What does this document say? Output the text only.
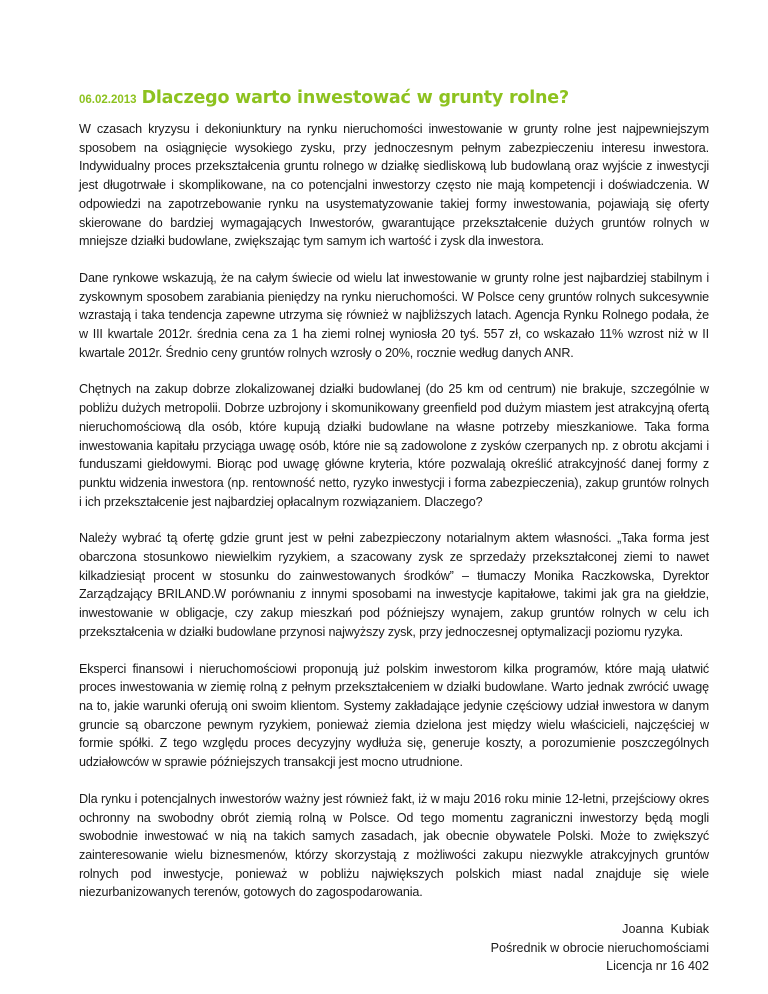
06.02.2013 Dlaczego warto inwestować w grunty rolne?

W czasach kryzysu i dekoniunktury na rynku nieruchomości inwestowanie w grunty rolne jest najpewniejszym sposobem na osiągnięcie wysokiego zysku, przy jednoczesnym pełnym zabezpieczeniu interesu inwestora. Indywidualny proces przekształcenia gruntu rolnego w działkę siedliskową lub budowlaną oraz wyjście z inwestycji jest długotrwałe i skomplikowane, na co potencjalni inwestorzy często nie mają kompetencji i doświadczenia. W odpowiedzi na zapotrzebowanie rynku na usystematyzowanie takiej formy inwestowania, pojawiają się oferty skierowane do bardziej wymagających Inwestorów, gwarantujące przekształcenie dużych gruntów rolnych w mniejsze działki budowlane, zwiększając tym samym ich wartość i zysk dla inwestora.

Dane rynkowe wskazują, że na całym świecie od wielu lat inwestowanie w grunty rolne jest najbardziej stabilnym i zyskownym sposobem zarabiania pieniędzy na rynku nieruchomości. W Polsce ceny gruntów rolnych sukcesywnie wzrastają i taka tendencja zapewne utrzyma się również w najbliższych latach. Agencja Rynku Rolnego podała, że w III kwartale 2012r. średnia cena za 1 ha ziemi rolnej wyniosła 20 tyś. 557 zł, co wskazało 11% wzrost niż w II kwartale 2012r. Średnio ceny gruntów rolnych wzrosły o 20%, rocznie według danych ANR.

Chętnych na zakup dobrze zlokalizowanej działki budowlanej (do 25 km od centrum) nie brakuje, szczególnie w pobliżu dużych metropolii. Dobrze uzbrojony i skomunikowany greenfield pod dużym miastem jest atrakcyjną ofertą nieruchomościową dla osób, które kupują działki budowlane na własne potrzeby mieszkaniowe. Taka forma inwestowania kapitału przyciąga uwagę osób, które nie są zadowolone z zysków czerpanych np. z obrotu akcjami i funduszami giełdowymi. Biorąc pod uwagę główne kryteria, które pozwalają określić atrakcyjność danej formy z punktu widzenia inwestora (np. rentowność netto, ryzyko inwestycji i forma zabezpieczenia), zakup gruntów rolnych i ich przekształcenie jest najbardziej opłacalnym rozwiązaniem. Dlaczego?

Należy wybrać tą ofertę gdzie grunt jest w pełni zabezpieczony notarialnym aktem własności. „Taka forma jest obarczona stosunkowo niewielkim ryzykiem, a szacowany zysk ze sprzedaży przekształconej ziemi to nawet kilkadziesiąt procent w stosunku do zainwestowanych środków” – tłumaczy Monika Raczkowska, Dyrektor Zarządzający BRILAND.W porównaniu z innymi sposobami na inwestycje kapitałowe, takimi jak gra na giełdzie, inwestowanie w obligacje, czy zakup mieszkań pod późniejszy wynajem, zakup gruntów rolnych w celu ich przekształcenia w działki budowlane przynosi najwyższy zysk, przy jednoczesnej optymalizacji poziomu ryzyka.

Eksperci finansowi i nieruchomościowi proponują już polskim inwestorom kilka programów, które mają ułatwić proces inwestowania w ziemię rolną z pełnym przekształceniem w działki budowlane. Warto jednak zwrócić uwagę na to, jakie warunki oferują oni swoim klientom. Systemy zakładające jedynie częściowy udział inwestora w danym gruncie są obarczone pewnym ryzykiem, ponieważ ziemia dzielona jest między wielu właścicieli, najczęściej w formie spółki. Z tego względu proces decyzyjny wydłuża się, generuje koszty, a porozumienie poszczególnych udziałowców w sprawie późniejszych transakcji jest mocno utrudnione.

Dla rynku i potencjalnych inwestorów ważny jest również fakt, iż w maju 2016 roku minie 12-letni, przejściowy okres ochronny na swobodny obrót ziemią rolną w Polsce. Od tego momentu zagraniczni inwestorzy będą mogli swobodnie inwestować w nią na takich samych zasadach, jak obecnie obywatele Polski. Może to zwiększyć zainteresowanie wielu biznesmenów, którzy skorzystają z możliwości zakupu niezwykle atrakcyjnych gruntów rolnych pod inwestycje, ponieważ w pobliżu największych polskich miast nadal znajduje się wiele niezurbanizowanych terenów, gotowych do zagospodarowania.

Joanna  Kubiak
Pośrednik w obrocie nieruchomościami
Licencja nr 16 402
